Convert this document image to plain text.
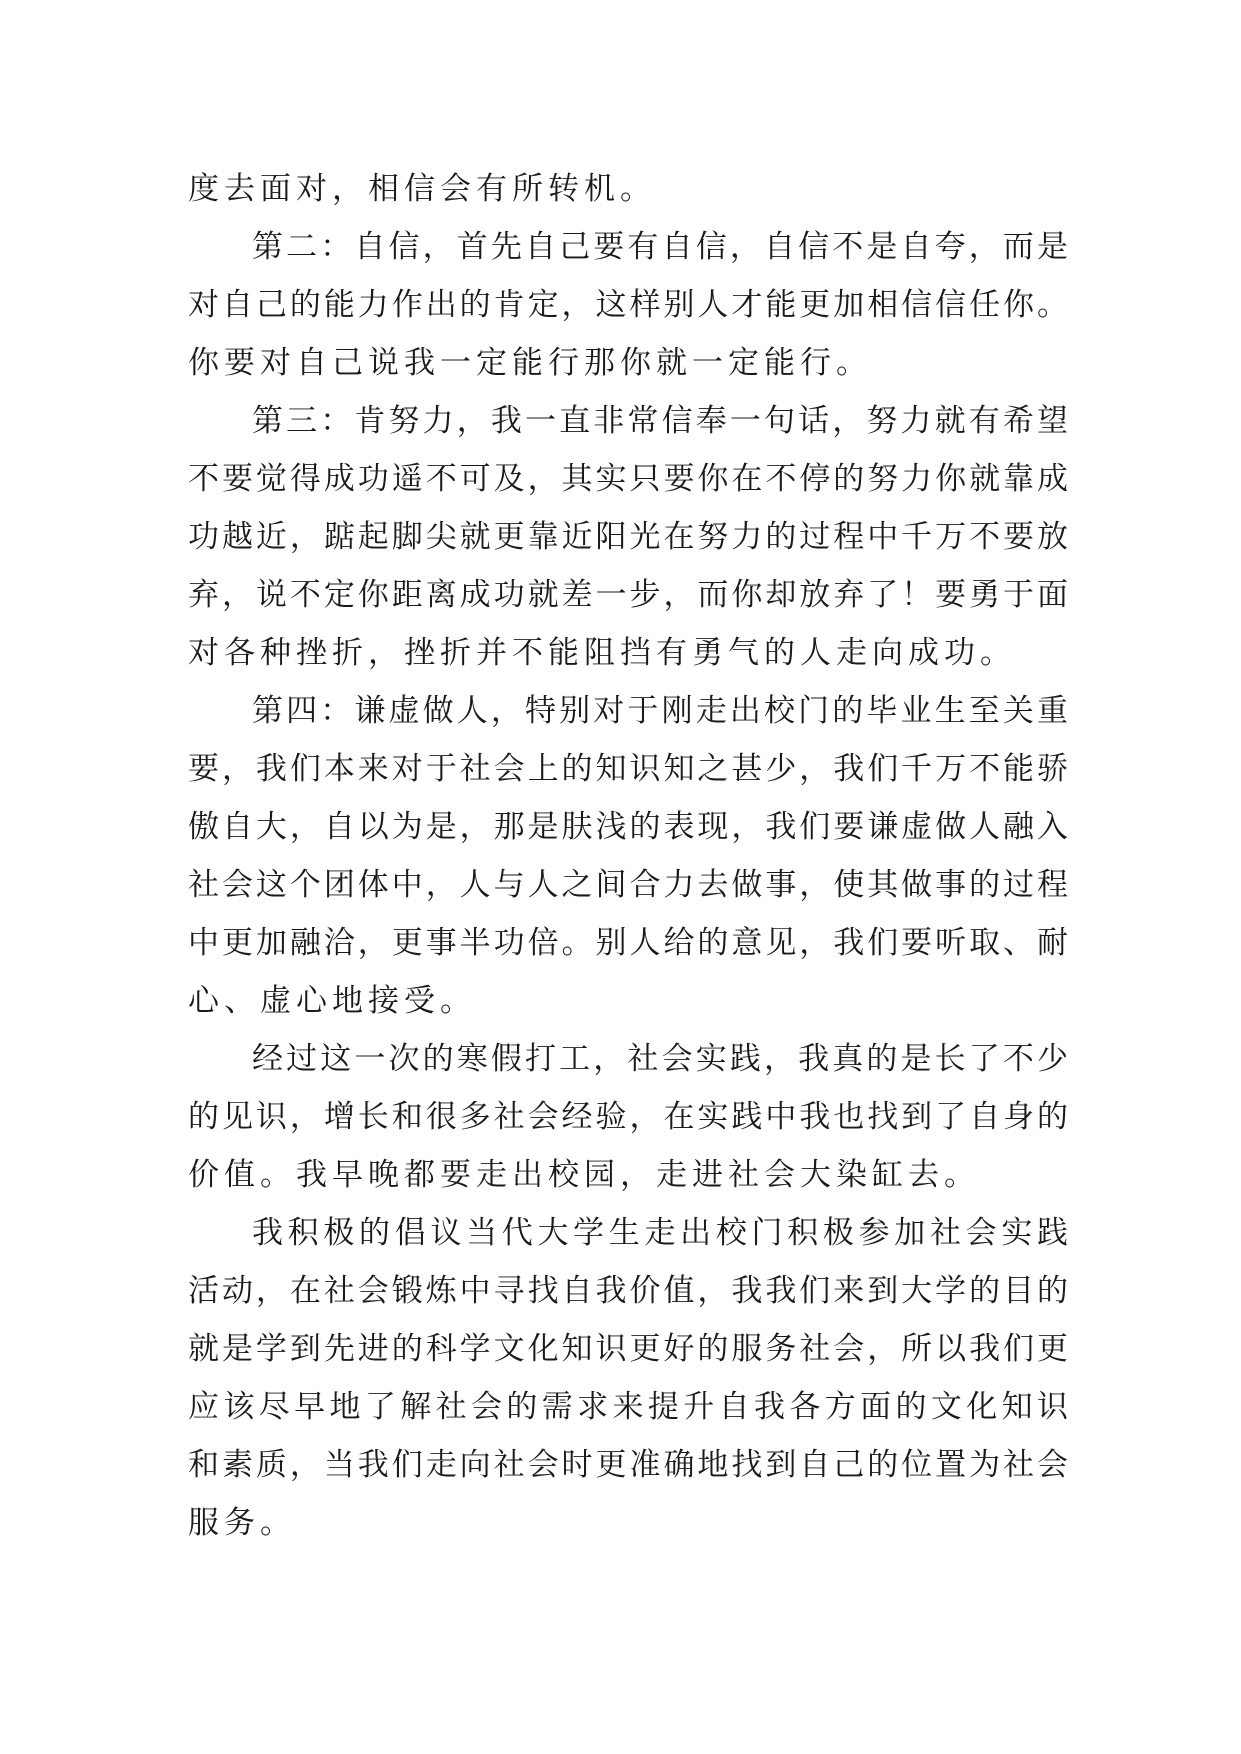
度去面对，相信会有所转机。
第二：自信，首先自己要有自信，自信不是自夸，而是
对自己的能力作出的肯定，这样别人才能更加相信信任你。
你要对自己说我一定能行那你就一定能行。
第三：肯努力，我一直非常信奉一句话，努力就有希望
不要觉得成功遥不可及，其实只要你在不停的努力你就靠成
功越近，踮起脚尖就更靠近阳光在努力的过程中千万不要放
弃，说不定你距离成功就差一步，而你却放弃了！要勇于面
对各种挫折，挫折并不能阻挡有勇气的人走向成功。
第四：谦虚做人，特别对于刚走出校门的毕业生至关重
要，我们本来对于社会上的知识知之甚少，我们千万不能骄
傲自大，自以为是，那是肤浅的表现，我们要谦虚做人融入
社会这个团体中，人与人之间合力去做事，使其做事的过程
中更加融洽，更事半功倍。别人给的意见，我们要听取、耐
心、虚心地接受。
经过这一次的寒假打工，社会实践，我真的是长了不少
的见识，增长和很多社会经验，在实践中我也找到了自身的
价值。我早晚都要走出校园，走进社会大染缸去。
我积极的倡议当代大学生走出校门积极参加社会实践
活动，在社会锻炼中寻找自我价值，我我们来到大学的目的
就是学到先进的科学文化知识更好的服务社会，所以我们更
应该尽早地了解社会的需求来提升自我各方面的文化知识
和素质，当我们走向社会时更准确地找到自己的位置为社会
服务。
